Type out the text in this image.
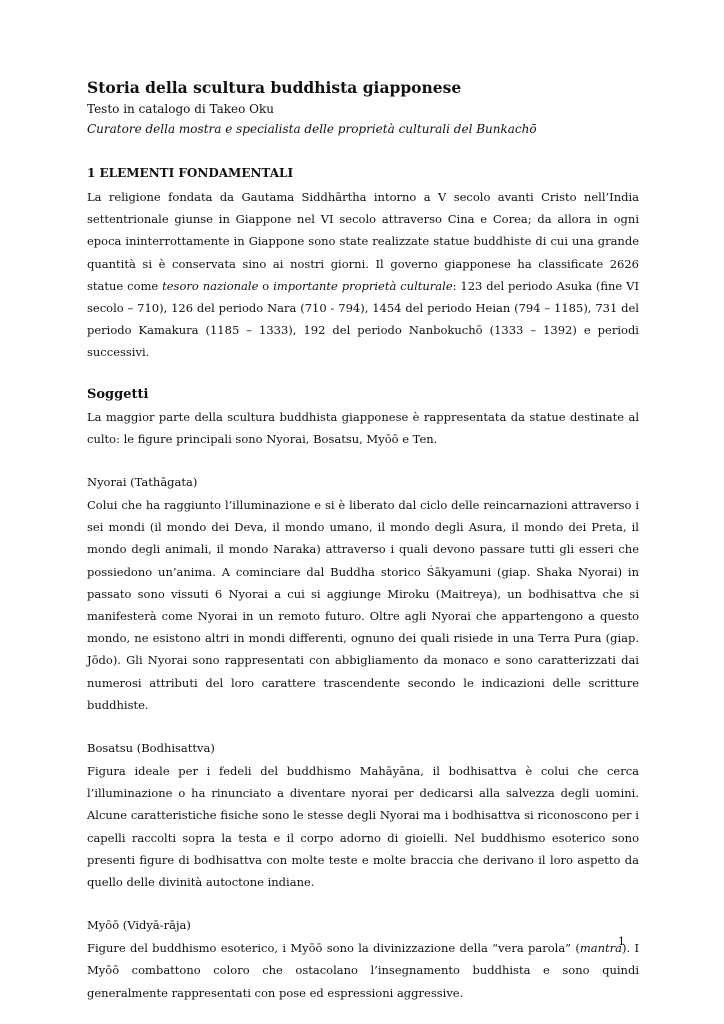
Storia della scultura buddhista giapponese
Testo in catalogo di Takeo Oku
Curatore della mostra e specialista delle proprietà culturali del Bunkachō
1 ELEMENTI FONDAMENTALI

La religione fondata da Gautama Siddhārtha intorno a V secolo avanti Cristo nell’India settentrionale giunse in Giappone nel VI secolo attraverso Cina e Corea; da allora in ogni epoca ininterrottamente in Giappone sono state realizzate statue buddhiste di cui una grande quantità si è conservata sino ai nostri giorni. Il governo giapponese ha classificate 2626 statue come tesoro nazionale o importante proprietà culturale: 123 del periodo Asuka (fine VI secolo – 710), 126 del periodo Nara (710 - 794), 1454 del periodo Heian (794 – 1185), 731 del periodo Kamakura (1185 – 1333), 192 del periodo Nanbokuchō (1333 – 1392) e periodi successivi.

Soggetti

La maggior parte della scultura buddhista giapponese è rappresentata da statue destinate al culto: le figure principali sono Nyorai, Bosatsu, Myōō e Ten.

Nyorai (Tathāgata)

Colui che ha raggiunto l’illuminazione e si è liberato dal ciclo delle reincarnazioni attraverso i sei mondi (il mondo dei Deva, il mondo umano, il mondo degli Asura, il mondo dei Preta, il mondo degli animali, il mondo Naraka) attraverso i quali devono passare tutti gli esseri che possiedono un’anima. A cominciare dal Buddha storico Śākyamuni (giap. Shaka Nyorai) in passato sono vissuti 6 Nyorai a cui si aggiunge Miroku (Maitreya), un bodhisattva che si manifesterà come Nyorai in un remoto futuro. Oltre agli Nyorai che appartengono a questo mondo, ne esistono altri in mondi differenti, ognuno dei quali risiede in una Terra Pura (giap. Jōdo). Gli Nyorai sono rappresentati con abbigliamento da monaco e sono caratterizzati dai numerosi attributi del loro carattere trascendente secondo le indicazioni delle scritture buddhiste.

Bosatsu (Bodhisattva)

Figura ideale per i fedeli del buddhismo Mahāyāna, il bodhisattva è colui che cerca l’illuminazione o ha rinunciato a diventare nyorai per dedicarsi alla salvezza degli uomini. Alcune caratteristiche fisiche sono le stesse degli Nyorai ma i bodhisattva si riconoscono per i capelli raccolti sopra la testa e il corpo adorno di gioielli. Nel buddhismo esoterico sono presenti figure di bodhisattva con molte teste e molte braccia che derivano il loro aspetto da quello delle divinità autoctone indiane.

Myōō (Vidyā-rāja)

Figure del buddhismo esoterico, i Myōō sono la divinizzazione della “vera parola” (mantra). I Myōō combattono coloro che ostacolano l’insegnamento buddhista e sono quindi generalmente rappresentati con pose ed espressioni aggressive.

1
